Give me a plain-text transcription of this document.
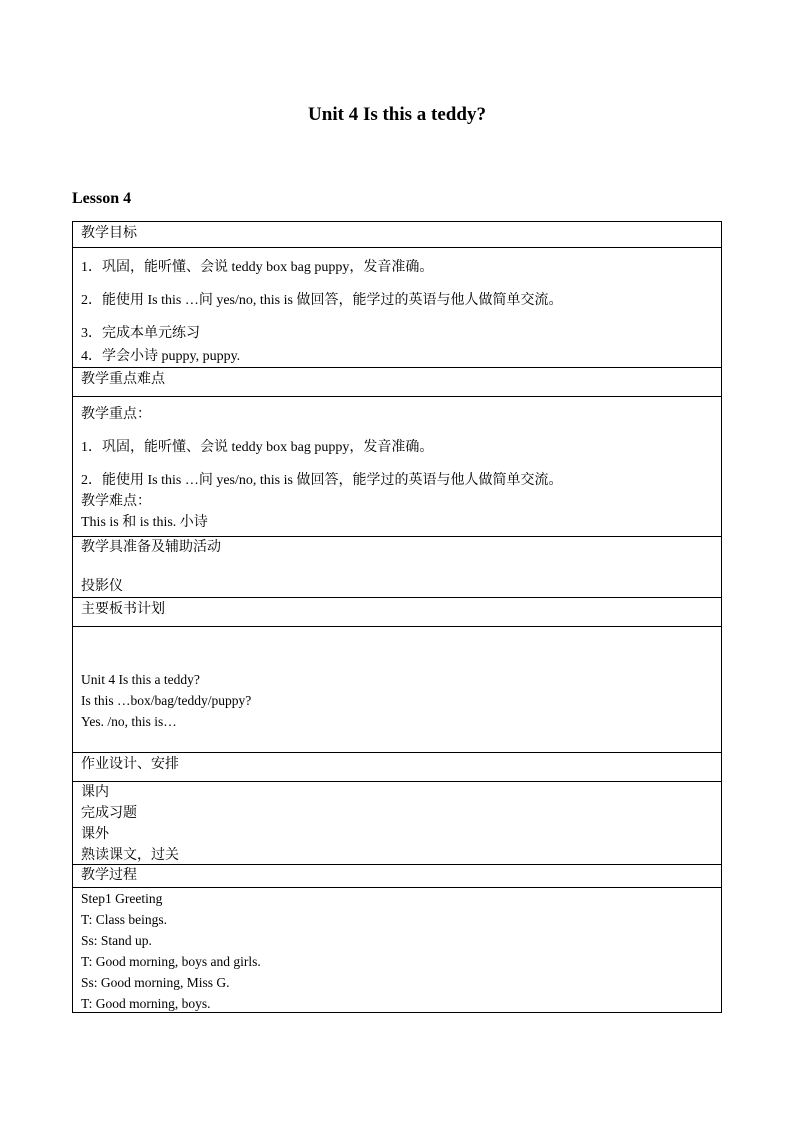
Unit 4 Is this a teddy?
Lesson 4
教学目标
1．巩固，能听懂、会说 teddy box bag puppy，发音准确。
2．能使用 Is this …问 yes/no, this is 做回答，能学过的英语与他人做简单交流。
3．完成本单元练习
4．学会小诗 puppy, puppy.
教学重点难点
教学重点：
1．巩固，能听懂、会说 teddy box bag puppy，发音准确。
2．能使用 Is this …问 yes/no, this is 做回答，能学过的英语与他人做简单交流。
教学难点：
This is 和 is this. 小诗
教学具准备及辅助活动
投影仪
主要板书计划
Unit 4 Is this a teddy?
Is this …box/bag/teddy/puppy?
Yes. /no, this is…
作业设计、安排
课内
完成习题
课外
熟读课文，过关
教学过程
Step1 Greeting
T: Class beings.
Ss: Stand up.
T: Good morning, boys and girls.
Ss: Good morning, Miss G.
T: Good morning, boys.
